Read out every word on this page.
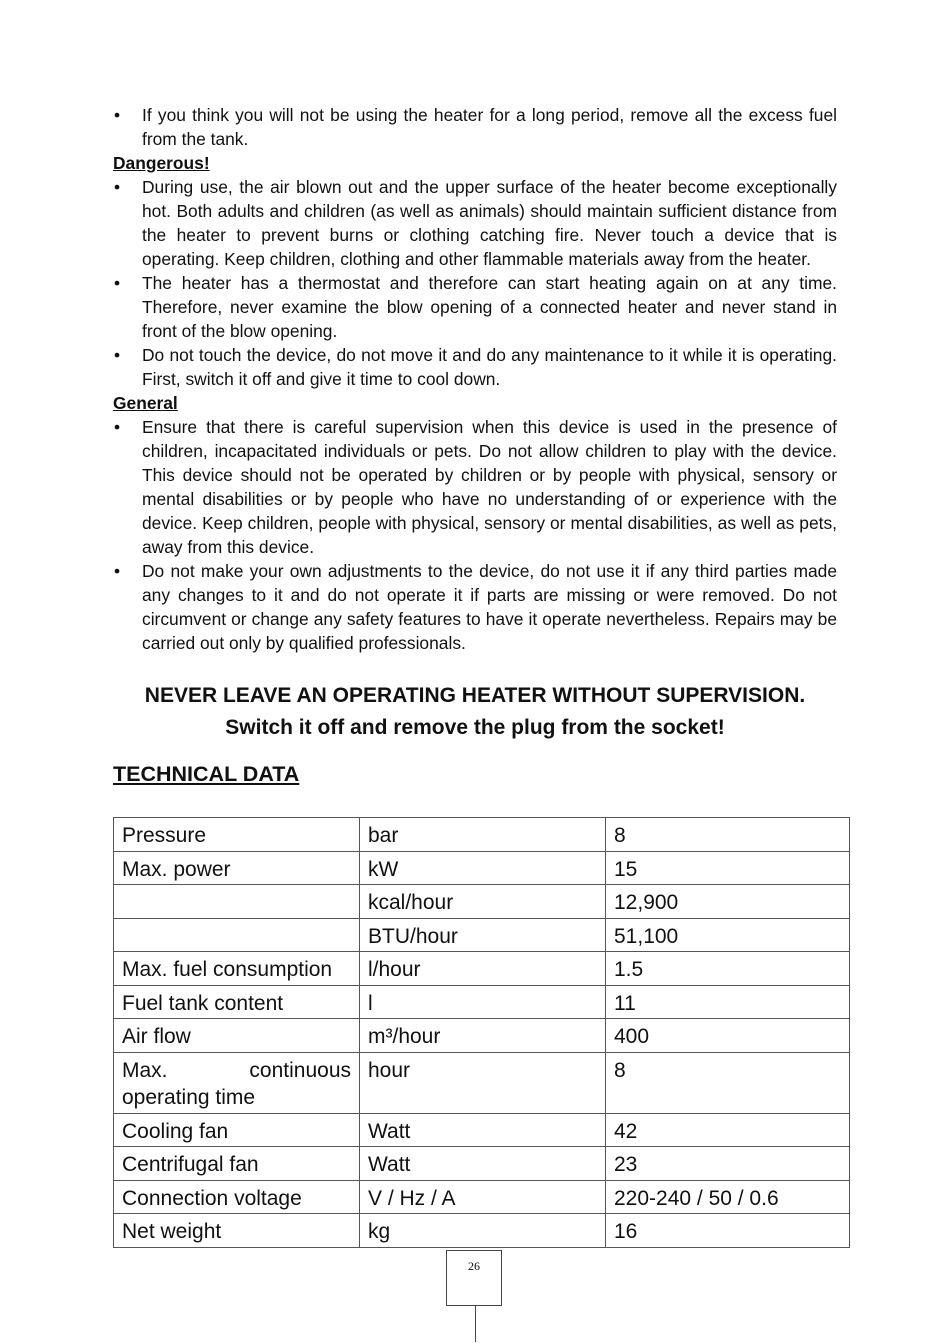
• If you think you will not be using the heater for a long period, remove all the excess fuel from the tank.
Dangerous!
• During use, the air blown out and the upper surface of the heater become exceptionally hot. Both adults and children (as well as animals) should maintain sufficient distance from the heater to prevent burns or clothing catching fire. Never touch a device that is operating. Keep children, clothing and other flammable materials away from the heater.
• The heater has a thermostat and therefore can start heating again on at any time. Therefore, never examine the blow opening of a connected heater and never stand in front of the blow opening.
• Do not touch the device, do not move it and do any maintenance to it while it is operating. First, switch it off and give it time to cool down.
General
• Ensure that there is careful supervision when this device is used in the presence of children, incapacitated individuals or pets. Do not allow children to play with the device. This device should not be operated by children or by people with physical, sensory or mental disabilities or by people who have no understanding of or experience with the device. Keep children, people with physical, sensory or mental disabilities, as well as pets, away from this device.
• Do not make your own adjustments to the device, do not use it if any third parties made any changes to it and do not operate it if parts are missing or were removed. Do not circumvent or change any safety features to have it operate nevertheless. Repairs may be carried out only by qualified professionals.
NEVER LEAVE AN OPERATING HEATER WITHOUT SUPERVISION.
Switch it off and remove the plug from the socket!
TECHNICAL DATA
Pressure	bar	8
Max. power	kW	15
	kcal/hour	12,900
	BTU/hour	51,100
Max. fuel consumption	l/hour	1.5
Fuel tank content	l	11
Air flow	m³/hour	400

Max. continuous
operating time	hour	8
Cooling fan	Watt	42
Centrifugal fan	Watt	23
Connection voltage	V / Hz / A	220-240 / 50 / 0.6
Net weight	kg	16
26
